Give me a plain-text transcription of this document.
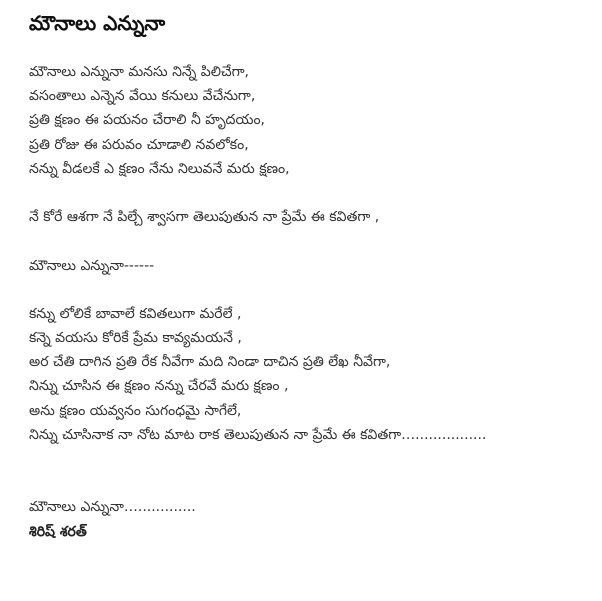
మౌనాలు ఎన్నునా
మౌనాలు ఎన్నునా మనసు నిన్నే పిలిచేగా,
వసంతాలు ఎన్నెన వేయి కనులు వేచేనుగా,
ప్రతి క్షణం ఈ పయనం చేరాలి నీ హృదయం,
ప్రతి రోజు ఈ పరువం చూడాలి నవలోకం,
నన్ను వీడలకే ఎ క్షణం నేను నిలువనే మరు క్షణం,
నే కోరే ఆశగా నే పిల్చే శ్వాసగా తెలుపుతున నా ప్రేమే ఈ కవితగా ,
మౌనాలు ఎన్నునా------
కన్ను లోలికే బావాలే కవితలుగా మరేలే ,
కన్నె వయసు కోరికే ప్రేమ కావ్యమయనే ,
అర చేతి దాగిన ప్రతి రేక నీవేగా మది నిండా దాచిన ప్రతి లేఖ నీవేగా,
నిన్ను చూసిన ఈ క్షణం నన్ను చేరవే మరు క్షణం ,
అను క్షణం యవ్వనం సుగంధమై సాగేలే,
నిన్ను చూసినాక నా నోట మాట రాక తెలుపుతున నా ప్రేమే ఈ కవితగా…................
మౌనాలు ఎన్నునా….............
శిరిష్ శరత్
